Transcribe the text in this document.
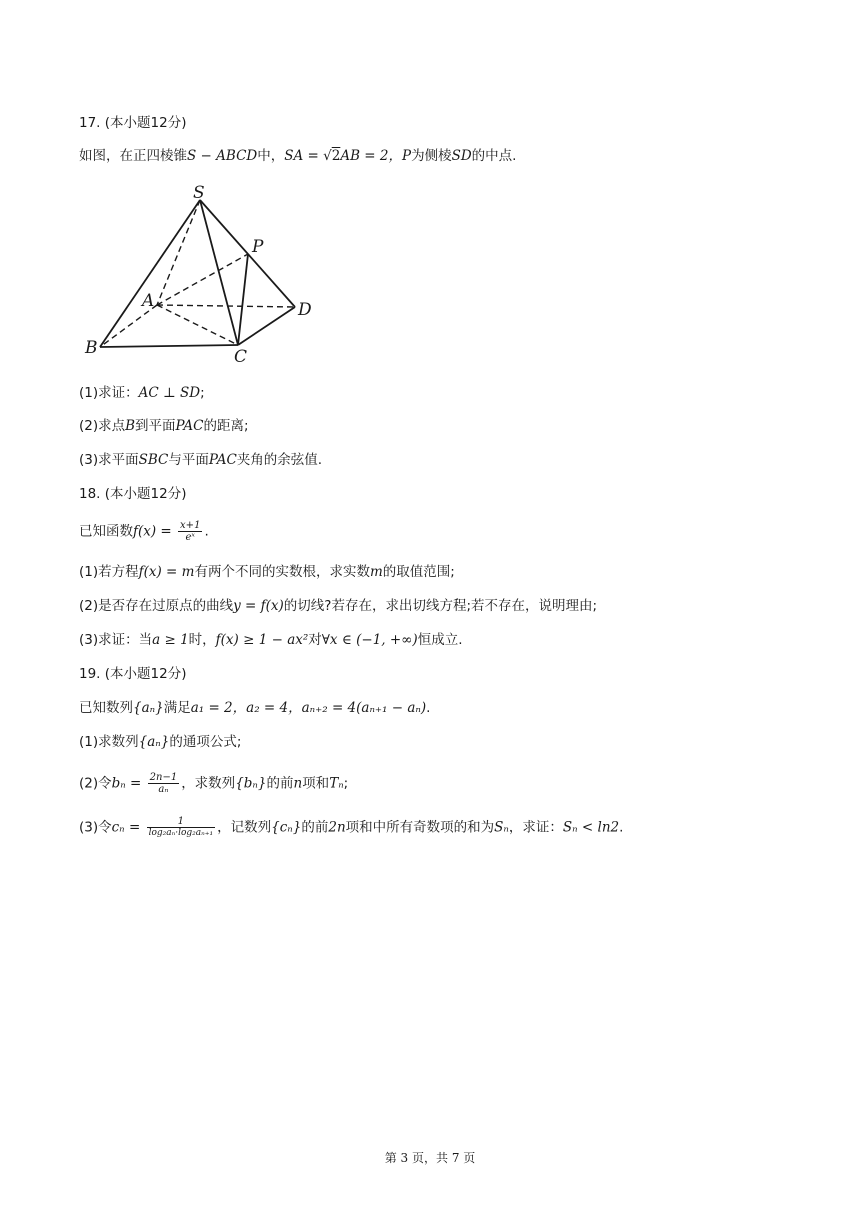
17. (本小题12分)
如图，在正四棱锥S − ABCD中，SA = √2AB = 2，P为侧棱SD的中点.
S
P
A	D
B	C
(1)求证：AC ⊥ SD;
(2)求点B到平面PAC的距离;
(3)求平面SBC与平面PAC夹角的余弦值.
18. (本小题12分)
已知函数$f(x) = \frac{x+1}{\text{eˣ}}$ .
(1)若方程f(x) = m有两个不同的实数根，求实数m的取值范围;
(2)是否存在过原点的曲线y = f(x)的切线?若存在，求出切线方程;若不存在，说明理由;
(3)求证：当a ≥ 1时，f(x) ≥ 1 − ax²对∀x ∈ (−1, +∞)恒成立.
19. (本小题12分)
已知数列{aₙ}满足a₁ = 2，a₂ = 4，aₙ₊₂ = 4(aₙ₊₁ − aₙ).
(1)求数列{aₙ}的通项公式;
(2)令$b_n = \frac{2n-1}{\text{aₙ}}$ ，求数列{bₙ}的前n项和Tₙ;
(3)令$c_n = \frac{1}{\text{log₂aₙ·log₂aₙ₊₁}}$ ，记数列{cₙ}的前2n项和中所有奇数项的和为Sₙ，求证：Sₙ < ln2.
第 3 页，共 7 页
